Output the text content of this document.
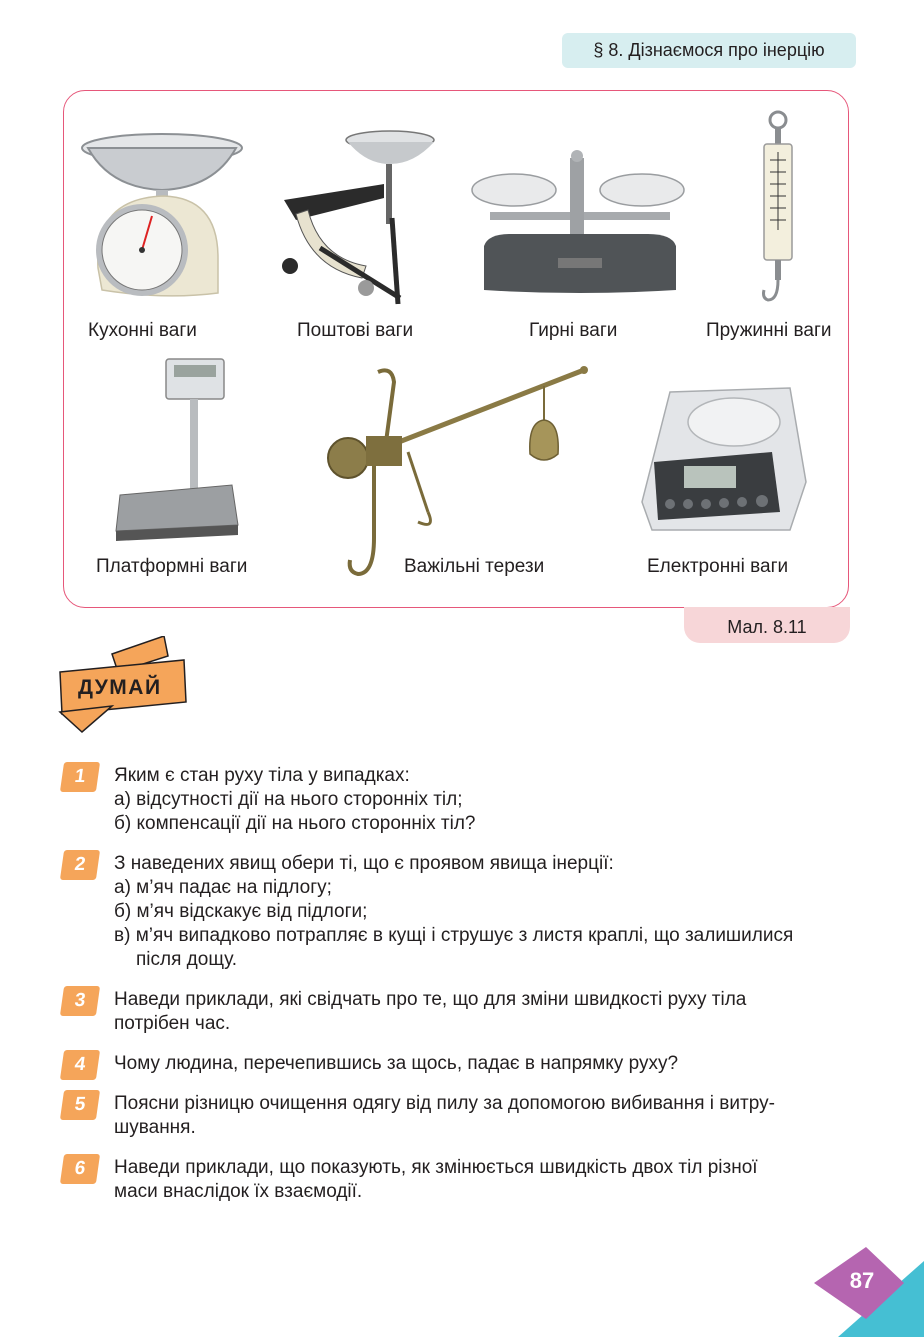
§ 8. Дізнаємося про інерцію
Кухонні ваги	Поштові ваги	Гирні ваги	Пружинні ваги
Платформні ваги	Важільні терези	Електронні ваги
Мал. 8.11
ДУМАЙ
1	Яким є стан руху тіла у випадках:
а) відсутності дії на нього сторонніх тіл;
б) компенсації дії на нього сторонніх тіл?
2	З наведених явищ обери ті, що є проявом явища інерції:
а) м’яч падає на підлогу;
б) м’яч відскакує від підлоги;
в) м’яч випадково потрапляє в кущі і струшує з листя краплі, що залишилися
після дощу.
3	Наведи приклади, які свідчать про те, що для зміни швидкості руху тіла
потрібен час.
4	Чому людина, перечепившись за щось, падає в напрямку руху?
5	Поясни різницю очищення одягу від пилу за допомогою вибивання і витру-
шування.
6	Наведи приклади, що показують, як змінюється швидкість двох тіл різної
маси внаслідок їх взаємодії.
87
